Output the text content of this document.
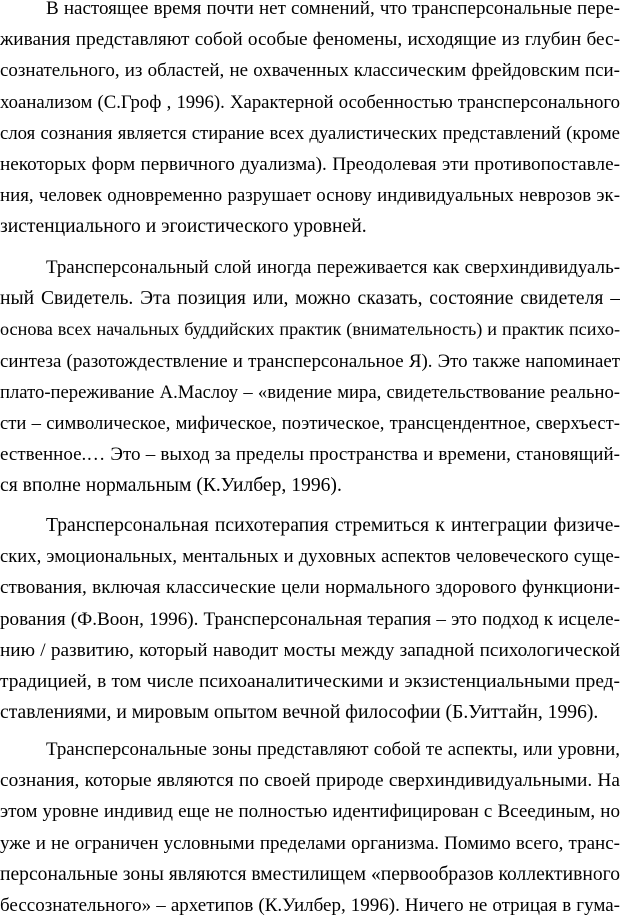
В настоящее время почти нет сомнений, что трансперсональные пере-
живания представляют собой особые феномены, исходящие из глубин бес-
сознательного, из областей, не охваченных классическим фрейдовским пси-
хоанализом (С.Гроф , 1996). Характерной особенностью трансперсонального
слоя сознания является стирание всех дуалистических представлений (кроме
некоторых форм первичного дуализма). Преодолевая эти противопоставле-
ния, человек одновременно разрушает основу индивидуальных неврозов эк-
зистенциального и эгоистического уровней.
Трансперсональный слой иногда переживается как сверхиндивидуаль-
ный Свидетель. Эта позиция или, можно сказать, состояние свидетеля –
основа всех начальных буддийских практик (внимательность) и практик психо-
синтеза (разотождествление и трансперсональное Я). Это также напоминает
плато-переживание А.Маслоу – «видение мира, свидетельствование реально-
сти – символическое, мифическое, поэтическое, трансцендентное, сверхъест-
ественное.… Это – выход за пределы пространства и времени, становящий-
ся вполне нормальным (К.Уилбер, 1996).
Трансперсональная психотерапия стремиться к интеграции физиче-
ских, эмоциональных, ментальных и духовных аспектов человеческого суще-
ствования, включая классические цели нормального здорового функциони-
рования (Ф.Воон, 1996). Трансперсональная терапия – это подход к исцеле-
нию / развитию, который наводит мосты между западной психологической
традицией, в том числе психоаналитическими и экзистенциальными пред-
ставлениями, и мировым опытом вечной философии (Б.Уиттайн, 1996).
Трансперсональные зоны представляют собой те аспекты, или уровни,
сознания, которые являются по своей природе сверхиндивидуальными. На
этом уровне индивид еще не полностью идентифицирован с Всеединым, но
уже и не ограничен условными пределами организма. Помимо всего, транс-
персональные зоны являются вместилищем «первообразов коллективного
бессознательного» – архетипов (К.Уилбер, 1996). Ничего не отрицая в гума-
